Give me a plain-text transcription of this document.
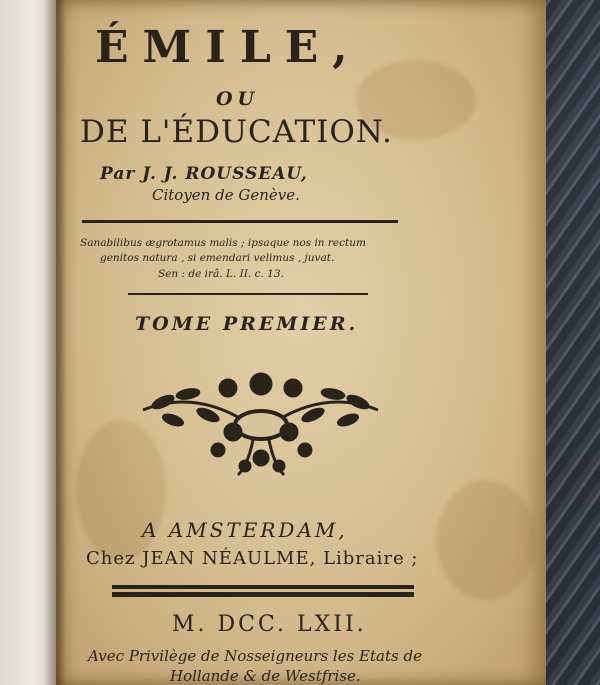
ÉMILE,
OU
DE L'ÉDUCATION.
Par J. J. ROUSSEAU,
Citoyen de Genève.
Sanabilibus ægrotamus malis ; ipsaque nos in rectum
genitos natura , si emendari velimus , juvat.
Sen : de irâ. L. II. c. 13.
TOME PREMIER.
A AMSTERDAM,
Chez JEAN NÉAULME, Libraire ;
M. DCC. LXII.
Avec Privilège de Nosseigneurs les Etats de
Hollande & de Westfrise.
